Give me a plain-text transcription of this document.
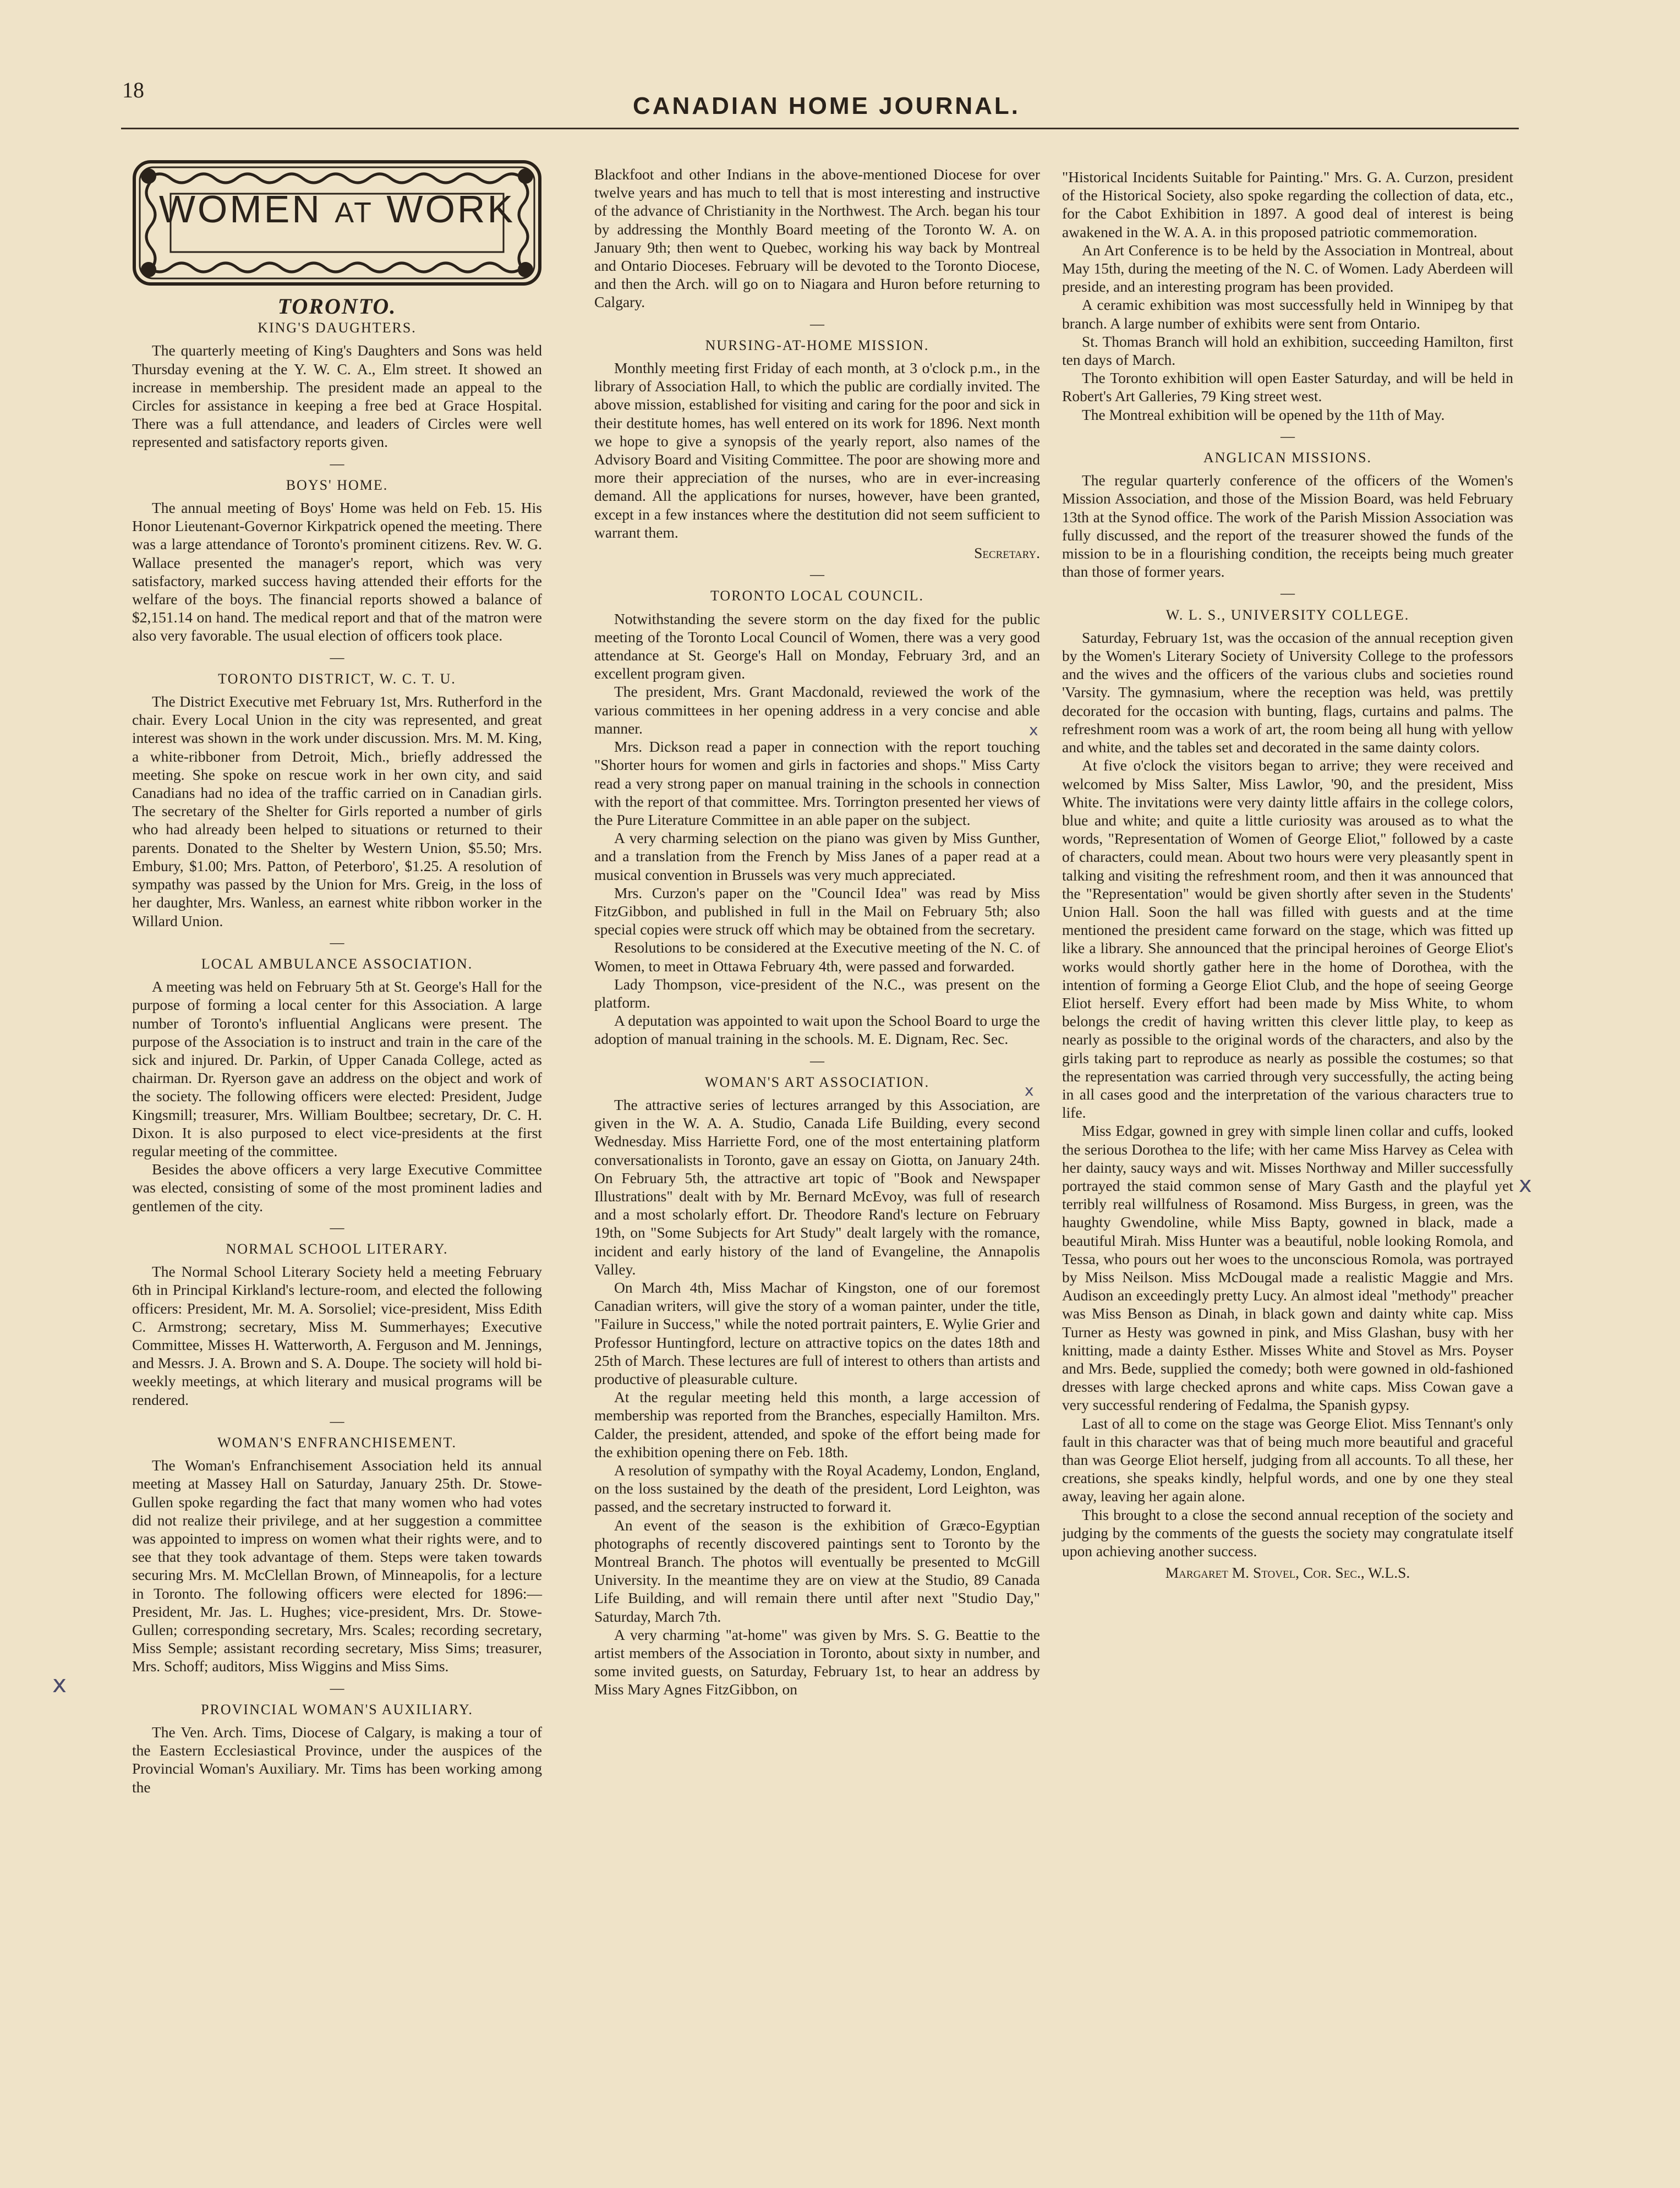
18
CANADIAN HOME JOURNAL.
WOMEN AT WORK
TORONTO.
KING'S DAUGHTERS.

The quarterly meeting of King's Daughters and Sons was held Thursday evening at the Y. W. C. A., Elm street. It showed an increase in membership. The president made an appeal to the Circles for assistance in keeping a free bed at Grace Hospital. There was a full attendance, and leaders of Circles were well represented and satisfactory reports given.

—
BOYS' HOME.

The annual meeting of Boys' Home was held on Feb. 15. His Honor Lieutenant-Governor Kirkpatrick opened the meeting. There was a large attendance of Toronto's prominent citizens. Rev. W. G. Wallace presented the manager's report, which was very satisfactory, marked success having attended their efforts for the welfare of the boys. The financial reports showed a balance of $2,151.14 on hand. The medical report and that of the matron were also very favorable. The usual election of officers took place.

—
TORONTO DISTRICT, W. C. T. U.

The District Executive met February 1st, Mrs. Rutherford in the chair. Every Local Union in the city was represented, and great interest was shown in the work under discussion. Mrs. M. M. King, a white-ribboner from Detroit, Mich., briefly addressed the meeting. She spoke on rescue work in her own city, and said Canadians had no idea of the traffic carried on in Canadian girls. The secretary of the Shelter for Girls reported a number of girls who had already been helped to situations or returned to their parents. Donated to the Shelter by Western Union, $5.50; Mrs. Embury, $1.00; Mrs. Patton, of Peterboro', $1.25. A resolution of sympathy was passed by the Union for Mrs. Greig, in the loss of her daughter, Mrs. Wanless, an earnest white ribbon worker in the Willard Union.

—
LOCAL AMBULANCE ASSOCIATION.

A meeting was held on February 5th at St. George's Hall for the purpose of forming a local center for this Association. A large number of Toronto's influential Anglicans were present. The purpose of the Association is to instruct and train in the care of the sick and injured. Dr. Parkin, of Upper Canada College, acted as chairman. Dr. Ryerson gave an address on the object and work of the society. The following officers were elected: President, Judge Kingsmill; treasurer, Mrs. William Boultbee; secretary, Dr. C. H. Dixon. It is also purposed to elect vice-presidents at the first regular meeting of the committee.

Besides the above officers a very large Executive Committee was elected, consisting of some of the most prominent ladies and gentlemen of the city.

—
NORMAL SCHOOL LITERARY.

The Normal School Literary Society held a meeting February 6th in Principal Kirkland's lecture-room, and elected the following officers: President, Mr. M. A. Sorsoliel; vice-president, Miss Edith C. Armstrong; secretary, Miss M. Summerhayes; Executive Committee, Misses H. Watterworth, A. Ferguson and M. Jennings, and Messrs. J. A. Brown and S. A. Doupe. The society will hold bi-weekly meetings, at which literary and musical programs will be rendered.

—
WOMAN'S ENFRANCHISEMENT.

The Woman's Enfranchisement Association held its annual meeting at Massey Hall on Saturday, January 25th. Dr. Stowe-Gullen spoke regarding the fact that many women who had votes did not realize their privilege, and at her suggestion a committee was appointed to impress on women what their rights were, and to see that they took advantage of them. Steps were taken towards securing Mrs. M. McClellan Brown, of Minneapolis, for a lecture in Toronto. The following officers were elected for 1896:—President, Mr. Jas. L. Hughes; vice-president, Mrs. Dr. Stowe-Gullen; corresponding secretary, Mrs. Scales; recording secretary, Miss Semple; assistant recording secretary, Miss Sims; treasurer, Mrs. Schoff; auditors, Miss Wiggins and Miss Sims.

—
PROVINCIAL WOMAN'S AUXILIARY.

The Ven. Arch. Tims, Diocese of Calgary, is making a tour of the Eastern Ecclesiastical Province, under the auspices of the Provincial Woman's Auxiliary. Mr. Tims has been working among the

Blackfoot and other Indians in the above-mentioned Diocese for over twelve years and has much to tell that is most interesting and instructive of the advance of Christianity in the Northwest. The Arch. began his tour by addressing the Monthly Board meeting of the Toronto W. A. on January 9th; then went to Quebec, working his way back by Montreal and Ontario Dioceses. February will be devoted to the Toronto Diocese, and then the Arch. will go on to Niagara and Huron before returning to Calgary.

—
NURSING-AT-HOME MISSION.

Monthly meeting first Friday of each month, at 3 o'clock p.m., in the library of Association Hall, to which the public are cordially invited. The above mission, established for visiting and caring for the poor and sick in their destitute homes, has well entered on its work for 1896. Next month we hope to give a synopsis of the yearly report, also names of the Advisory Board and Visiting Committee. The poor are showing more and more their appreciation of the nurses, who are in ever-increasing demand. All the applications for nurses, however, have been granted, except in a few instances where the destitution did not seem sufficient to warrant them.

Secretary.
—
TORONTO LOCAL COUNCIL.

Notwithstanding the severe storm on the day fixed for the public meeting of the Toronto Local Council of Women, there was a very good attendance at St. George's Hall on Monday, February 3rd, and an excellent program given.

The president, Mrs. Grant Macdonald, reviewed the work of the various committees in her opening address in a very concise and able manner.

Mrs. Dickson read a paper in connection with the report touching "Shorter hours for women and girls in factories and shops." Miss Carty read a very strong paper on manual training in the schools in connection with the report of that committee. Mrs. Torrington presented her views of the Pure Literature Committee in an able paper on the subject.

A very charming selection on the piano was given by Miss Gunther, and a translation from the French by Miss Janes of a paper read at a musical convention in Brussels was very much appreciated.

Mrs. Curzon's paper on the "Council Idea" was read by Miss FitzGibbon, and published in full in the Mail on February 5th; also special copies were struck off which may be obtained from the secretary.

Resolutions to be considered at the Executive meeting of the N. C. of Women, to meet in Ottawa February 4th, were passed and forwarded.

Lady Thompson, vice-president of the N.C., was present on the platform.

A deputation was appointed to wait upon the School Board to urge the adoption of manual training in the schools. M. E. Dignam, Rec. Sec.

—
WOMAN'S ART ASSOCIATION.

The attractive series of lectures arranged by this Association, are given in the W. A. A. Studio, Canada Life Building, every second Wednesday. Miss Harriette Ford, one of the most entertaining platform conversationalists in Toronto, gave an essay on Giotta, on January 24th. On February 5th, the attractive art topic of "Book and Newspaper Illustrations" dealt with by Mr. Bernard McEvoy, was full of research and a most scholarly effort. Dr. Theodore Rand's lecture on February 19th, on "Some Subjects for Art Study" dealt largely with the romance, incident and early history of the land of Evangeline, the Annapolis Valley.

On March 4th, Miss Machar of Kingston, one of our foremost Canadian writers, will give the story of a woman painter, under the title, "Failure in Success," while the noted portrait painters, E. Wylie Grier and Professor Huntingford, lecture on attractive topics on the dates 18th and 25th of March. These lectures are full of interest to others than artists and productive of pleasurable culture.

At the regular meeting held this month, a large accession of membership was reported from the Branches, especially Hamilton. Mrs. Calder, the president, attended, and spoke of the effort being made for the exhibition opening there on Feb. 18th.

A resolution of sympathy with the Royal Academy, London, England, on the loss sustained by the death of the president, Lord Leighton, was passed, and the secretary instructed to forward it.

An event of the season is the exhibition of Græco-Egyptian photographs of recently discovered paintings sent to Toronto by the Montreal Branch. The photos will eventually be presented to McGill University. In the meantime they are on view at the Studio, 89 Canada Life Building, and will remain there until after next "Studio Day," Saturday, March 7th.

A very charming "at-home" was given by Mrs. S. G. Beattie to the artist members of the Association in Toronto, about sixty in number, and some invited guests, on Saturday, February 1st, to hear an address by Miss Mary Agnes FitzGibbon, on

"Historical Incidents Suitable for Painting." Mrs. G. A. Curzon, president of the Historical Society, also spoke regarding the collection of data, etc., for the Cabot Exhibition in 1897. A good deal of interest is being awakened in the W. A. A. in this proposed patriotic commemoration.

An Art Conference is to be held by the Association in Montreal, about May 15th, during the meeting of the N. C. of Women. Lady Aberdeen will preside, and an interesting program has been provided.

A ceramic exhibition was most successfully held in Winnipeg by that branch. A large number of exhibits were sent from Ontario.

St. Thomas Branch will hold an exhibition, succeeding Hamilton, first ten days of March.

The Toronto exhibition will open Easter Saturday, and will be held in Robert's Art Galleries, 79 King street west.

The Montreal exhibition will be opened by the 11th of May.

—
ANGLICAN MISSIONS.

The regular quarterly conference of the officers of the Women's Mission Association, and those of the Mission Board, was held February 13th at the Synod office. The work of the Parish Mission Association was fully discussed, and the report of the treasurer showed the funds of the mission to be in a flourishing condition, the receipts being much greater than those of former years.

—
W. L. S., UNIVERSITY COLLEGE.

Saturday, February 1st, was the occasion of the annual reception given by the Women's Literary Society of University College to the professors and the wives and the officers of the various clubs and societies round 'Varsity. The gymnasium, where the reception was held, was prettily decorated for the occasion with bunting, flags, curtains and palms. The refreshment room was a work of art, the room being all hung with yellow and white, and the tables set and decorated in the same dainty colors.

At five o'clock the visitors began to arrive; they were received and welcomed by Miss Salter, Miss Lawlor, '90, and the president, Miss White. The invitations were very dainty little affairs in the college colors, blue and white; and quite a little curiosity was aroused as to what the words, "Representation of Women of George Eliot," followed by a caste of characters, could mean. About two hours were very pleasantly spent in talking and visiting the refreshment room, and then it was announced that the "Representation" would be given shortly after seven in the Students' Union Hall. Soon the hall was filled with guests and at the time mentioned the president came forward on the stage, which was fitted up like a library. She announced that the principal heroines of George Eliot's works would shortly gather here in the home of Dorothea, with the intention of forming a George Eliot Club, and the hope of seeing George Eliot herself. Every effort had been made by Miss White, to whom belongs the credit of having written this clever little play, to keep as nearly as possible to the original words of the characters, and also by the girls taking part to reproduce as nearly as possible the costumes; so that the representation was carried through very successfully, the acting being in all cases good and the interpretation of the various characters true to life.

Miss Edgar, gowned in grey with simple linen collar and cuffs, looked the serious Dorothea to the life; with her came Miss Harvey as Celea with her dainty, saucy ways and wit. Misses Northway and Miller successfully portrayed the staid common sense of Mary Gasth and the playful yet terribly real willfulness of Rosamond. Miss Burgess, in green, was the haughty Gwendoline, while Miss Bapty, gowned in black, made a beautiful Mirah. Miss Hunter was a beautiful, noble looking Romola, and Tessa, who pours out her woes to the unconscious Romola, was portrayed by Miss Neilson. Miss McDougal made a realistic Maggie and Mrs. Audison an exceedingly pretty Lucy. An almost ideal "methody" preacher was Miss Benson as Dinah, in black gown and dainty white cap. Miss Turner as Hesty was gowned in pink, and Miss Glashan, busy with her knitting, made a dainty Esther. Misses White and Stovel as Mrs. Poyser and Mrs. Bede, supplied the comedy; both were gowned in old-fashioned dresses with large checked aprons and white caps. Miss Cowan gave a very successful rendering of Fedalma, the Spanish gypsy.

Last of all to come on the stage was George Eliot. Miss Tennant's only fault in this character was that of being much more beautiful and graceful than was George Eliot herself, judging from all accounts. To all these, her creations, she speaks kindly, helpful words, and one by one they steal away, leaving her again alone.

This brought to a close the second annual reception of the society and judging by the comments of the guests the society may congratulate itself upon achieving another success.

Margaret M. Stovel, Cor. Sec., W.L.S.
x
x
x
x
